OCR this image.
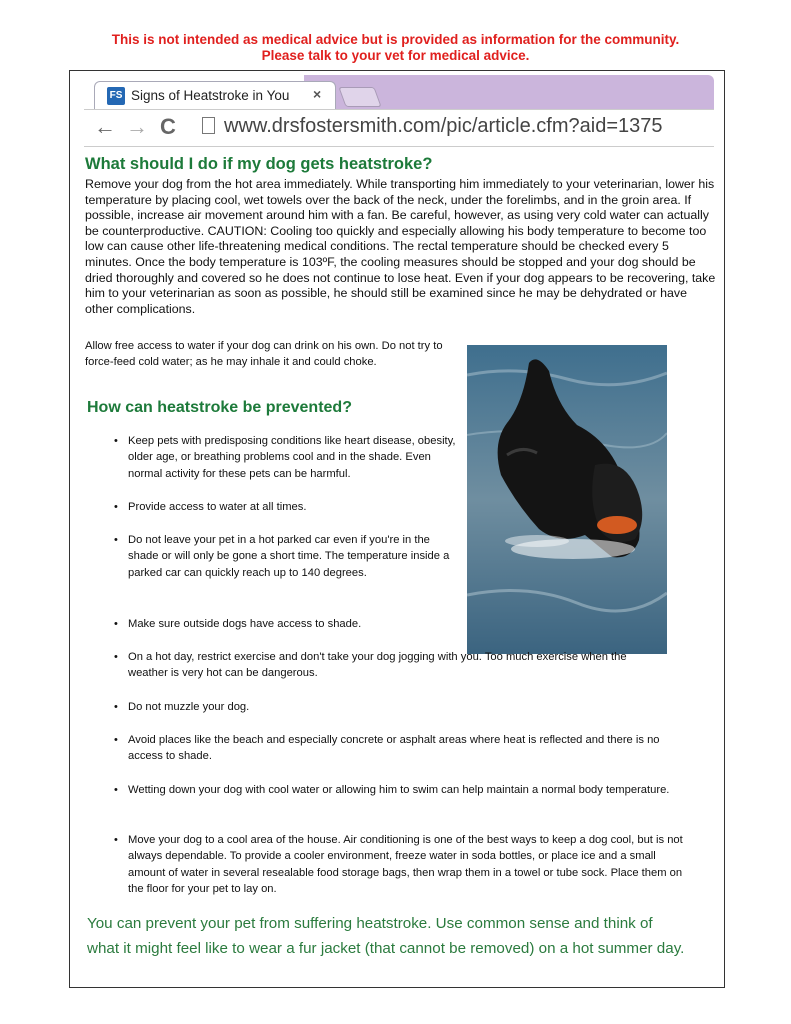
This is not intended as medical advice but is provided as information for the community.
Please talk to your vet for medical advice.
FS Signs of Heatstroke in You	×
← → C www.drsfostersmith.com/pic/article.cfm?aid=1375
What should I do if my dog gets heatstroke?
Remove your dog from the hot area immediately. While transporting him immediately to your veterinarian, lower his temperature by placing cool, wet towels over the back of the neck, under the forelimbs, and in the groin area. If possible, increase air movement around him with a fan. Be careful, however, as using very cold water can actually be counterproductive. CAUTION: Cooling too quickly and especially allowing his body temperature to become too low can cause other life-threatening medical conditions. The rectal temperature should be checked every 5 minutes. Once the body temperature is 103ºF, the cooling measures should be stopped and your dog should be dried thoroughly and covered so he does not continue to lose heat. Even if your dog appears to be recovering, take him to your veterinarian as soon as possible, he should still be examined since he may be dehydrated or have other complications.
Allow free access to water if your dog can drink on his own. Do not try to force-feed cold water; as he may inhale it and could choke.
How can heatstroke be prevented?
• Keep pets with predisposing conditions like heart disease, obesity, older age, or breathing problems cool and in the shade. Even normal activity for these pets can be harmful.
• Provide access to water at all times.
• Do not leave your pet in a hot parked car even if you're in the shade or will only be gone a short time. The temperature inside a parked car can quickly reach up to 140 degrees.
• Make sure outside dogs have access to shade.
• On a hot day, restrict exercise and don't take your dog jogging with you. Too much exercise when the weather is very hot can be dangerous.
• Do not muzzle your dog.
• Avoid places like the beach and especially concrete or asphalt areas where heat is reflected and there is no access to shade.
• Wetting down your dog with cool water or allowing him to swim can help maintain a normal body temperature.
• Move your dog to a cool area of the house. Air conditioning is one of the best ways to keep a dog cool, but is not always dependable. To provide a cooler environment, freeze water in soda bottles, or place ice and a small amount of water in several resealable food storage bags, then wrap them in a towel or tube sock. Place them on the floor for your pet to lay on.
You can prevent your pet from suffering heatstroke. Use common sense and think of what it might feel like to wear a fur jacket (that cannot be removed) on a hot summer day.
